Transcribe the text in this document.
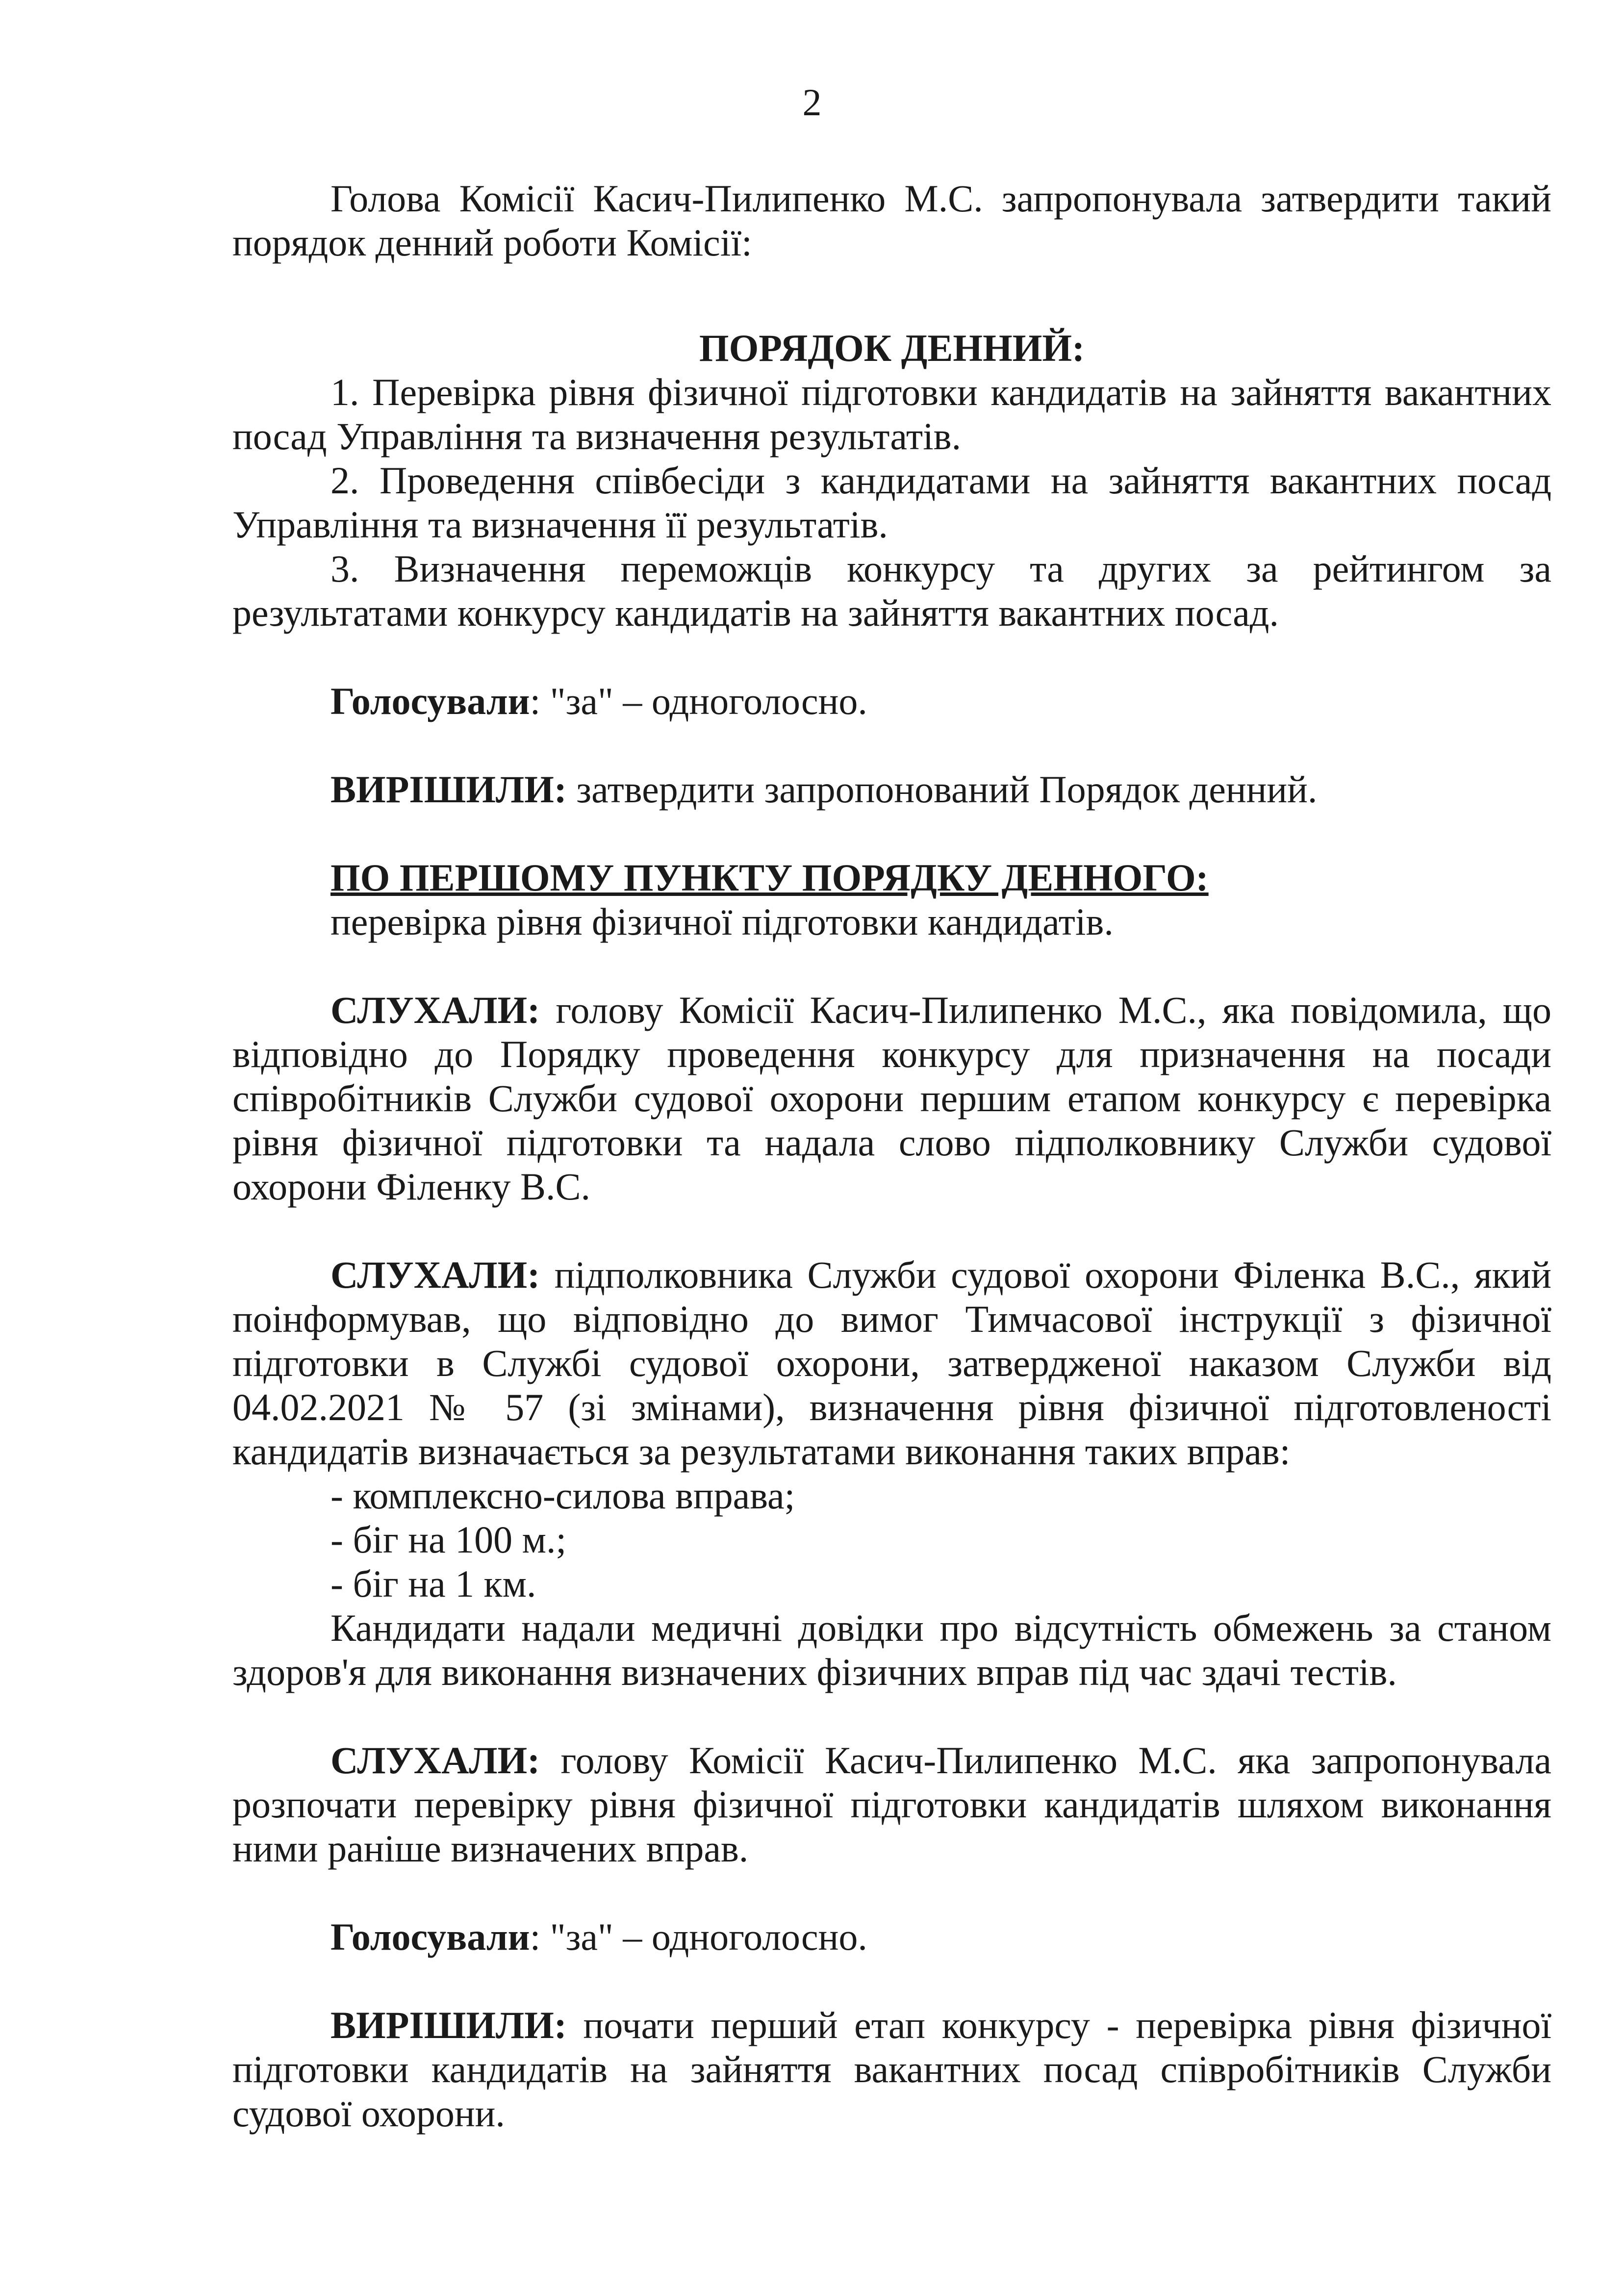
2

Голова Комісії Касич-Пилипенко М.С. запропонувала затвердити такий порядок денний роботи Комісії:

ПОРЯДОК ДЕННИЙ:

1. Перевірка рівня фізичної підготовки кандидатів на зайняття вакантних посад Управління та визначення результатів.

2. Проведення співбесіди з кандидатами на зайняття вакантних посад Управління та визначення її результатів.

3. Визначення переможців конкурсу та других за рейтингом за результатами конкурсу кандидатів на зайняття вакантних посад.

Голосували: "за" – одноголосно.

ВИРІШИЛИ: затвердити запропонований Порядок денний.

ПО ПЕРШОМУ ПУНКТУ ПОРЯДКУ ДЕННОГО:

перевірка рівня фізичної підготовки кандидатів.

СЛУХАЛИ: голову Комісії Касич-Пилипенко М.С., яка повідомила, що відповідно до Порядку проведення конкурсу для призначення на посади співробітників Служби судової охорони першим етапом конкурсу є перевірка рівня фізичної підготовки та надала слово підполковнику Служби судової охорони Філенку В.С.

СЛУХАЛИ: підполковника Служби судової охорони Філенка В.С., який поінформував, що відповідно до вимог Тимчасової інструкції з фізичної підготовки в Службі судової охорони, затвердженої наказом Служби від 04.02.2021 № 57 (зі змінами), визначення рівня фізичної підготовленості кандидатів визначається за результатами виконання таких вправ:

- комплексно-силова вправа;

- біг на 100 м.;

- біг на 1 км.

Кандидати надали медичні довідки про відсутність обмежень за станом здоров'я для виконання визначених фізичних вправ під час здачі тестів.

СЛУХАЛИ: голову Комісії Касич-Пилипенко М.С. яка запропонувала розпочати перевірку рівня фізичної підготовки кандидатів шляхом виконання ними раніше визначених вправ.

Голосували: "за" – одноголосно.

ВИРІШИЛИ: почати перший етап конкурсу - перевірка рівня фізичної підготовки кандидатів на зайняття вакантних посад співробітників Служби судової охорони.
